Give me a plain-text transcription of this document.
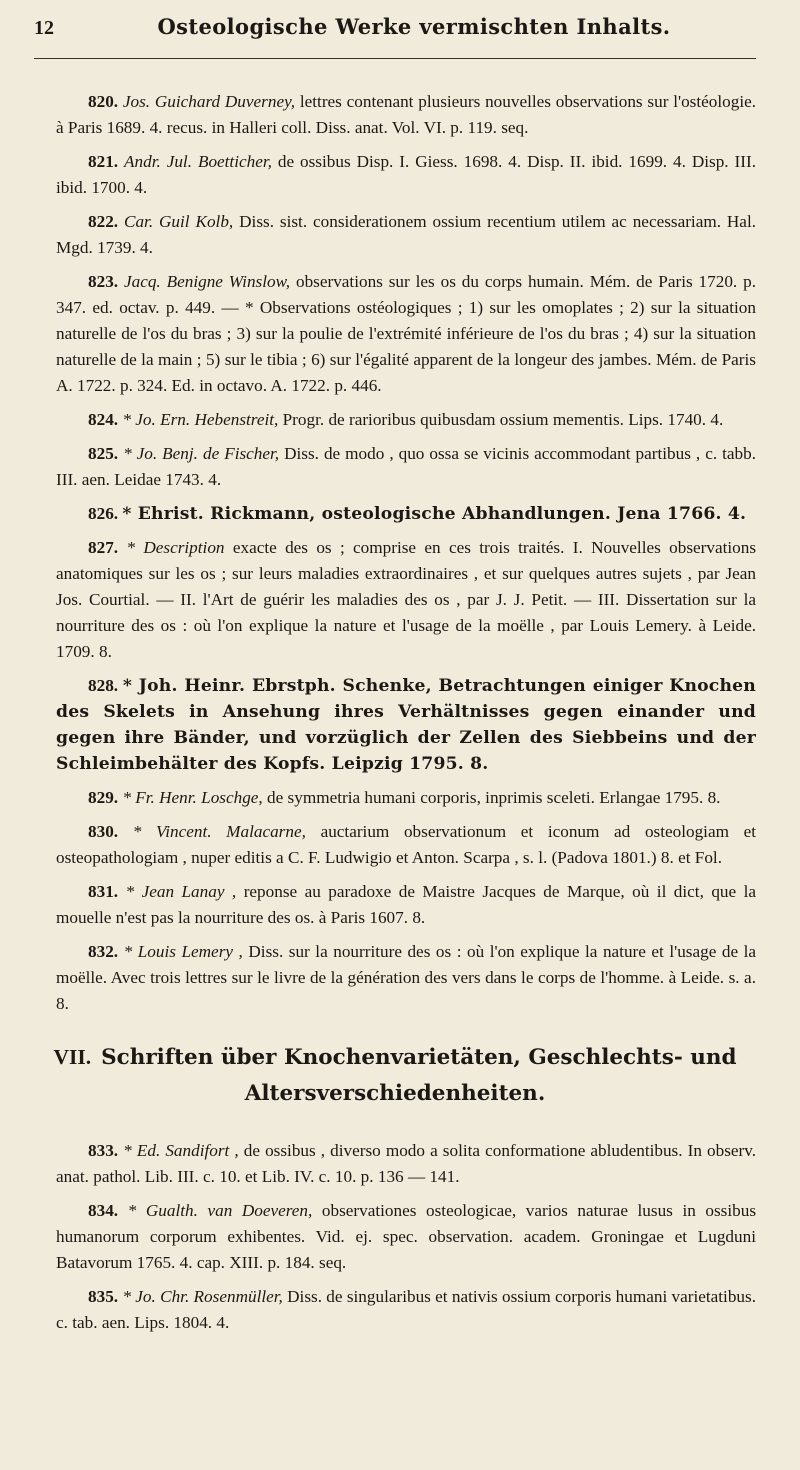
12	Osteologische Werke vermischten Inhalts.

820. Jos. Guichard Duverney, lettres contenant plusieurs nouvelles observations sur l'ostéologie. à Paris 1689. 4. recus. in Halleri coll. Diss. anat. Vol. VI. p. 119. seq.

821. Andr. Jul. Boetticher, de ossibus Disp. I. Giess. 1698. 4. Disp. II. ibid. 1699. 4. Disp. III. ibid. 1700. 4.

822. Car. Guil Kolb, Diss. sist. considerationem ossium recentium utilem ac necessariam. Hal. Mgd. 1739. 4.

823. Jacq. Benigne Winslow, observations sur les os du corps humain. Mém. de Paris 1720. p. 347. ed. octav. p. 449. — * Observations ostéologiques ; 1) sur les omoplates ; 2) sur la situation naturelle de l'os du bras ; 3) sur la poulie de l'extrémité inférieure de l'os du bras ; 4) sur la situation naturelle de la main ; 5) sur le tibia ; 6) sur l'égalité apparent de la longeur des jambes. Mém. de Paris A. 1722. p. 324. Ed. in octavo. A. 1722. p. 446.

824. * Jo. Ern. Hebenstreit, Progr. de rarioribus quibusdam ossium mementis. Lips. 1740. 4.

825. * Jo. Benj. de Fischer, Diss. de modo , quo ossa se vicinis accommodant partibus , c. tabb. III. aen. Leidae 1743. 4.

826. * Ehrist. Rickmann, osteologische Abhandlungen. Jena 1766. 4.

827. * Description exacte des os ; comprise en ces trois traités. I. Nouvelles observations anatomiques sur les os ; sur leurs maladies extraordinaires , et sur quelques autres sujets , par Jean Jos. Courtial. — II. l'Art de guérir les maladies des os , par J. J. Petit. — III. Dissertation sur la nourriture des os : où l'on explique la nature et l'usage de la moëlle , par Louis Lemery. à Leide. 1709. 8.

828. * Joh. Heinr. Ebrstph. Schenke, Betrachtungen einiger Knochen des Skelets in Ansehung ihres Verhältnisses gegen einander und gegen ihre Bänder, und vorzüglich der Zellen des Siebbeins und der Schleimbehälter des Kopfs. Leipzig 1795. 8.

829. * Fr. Henr. Loschge, de symmetria humani corporis, inprimis sceleti. Erlangae 1795. 8.

830. * Vincent. Malacarne, auctarium observationum et iconum ad osteologiam et osteopathologiam , nuper editis a C. F. Ludwigio et Anton. Scarpa , s. l. (Padova 1801.) 8. et Fol.

831. * Jean Lanay , reponse au paradoxe de Maistre Jacques de Marque, où il dict, que la mouelle n'est pas la nourriture des os. à Paris 1607. 8.

832. * Louis Lemery , Diss. sur la nourriture des os : où l'on explique la nature et l'usage de la moëlle. Avec trois lettres sur le livre de la génération des vers dans le corps de l'homme. à Leide. s. a. 8.

VII. Schriften über Knochenvarietäten, Geschlechts- und
Altersverschiedenheiten.

833. * Ed. Sandifort , de ossibus , diverso modo a solita conformatione abludentibus. In observ. anat. pathol. Lib. III. c. 10. et Lib. IV. c. 10. p. 136 — 141.

834. * Gualth. van Doeveren, observationes osteologicae, varios naturae lusus in ossibus humanorum corporum exhibentes. Vid. ej. spec. observation. academ. Groningae et Lugduni Batavorum 1765. 4. cap. XIII. p. 184. seq.

835. * Jo. Chr. Rosenmüller, Diss. de singularibus et nativis ossium corporis humani varietatibus. c. tab. aen. Lips. 1804. 4.
